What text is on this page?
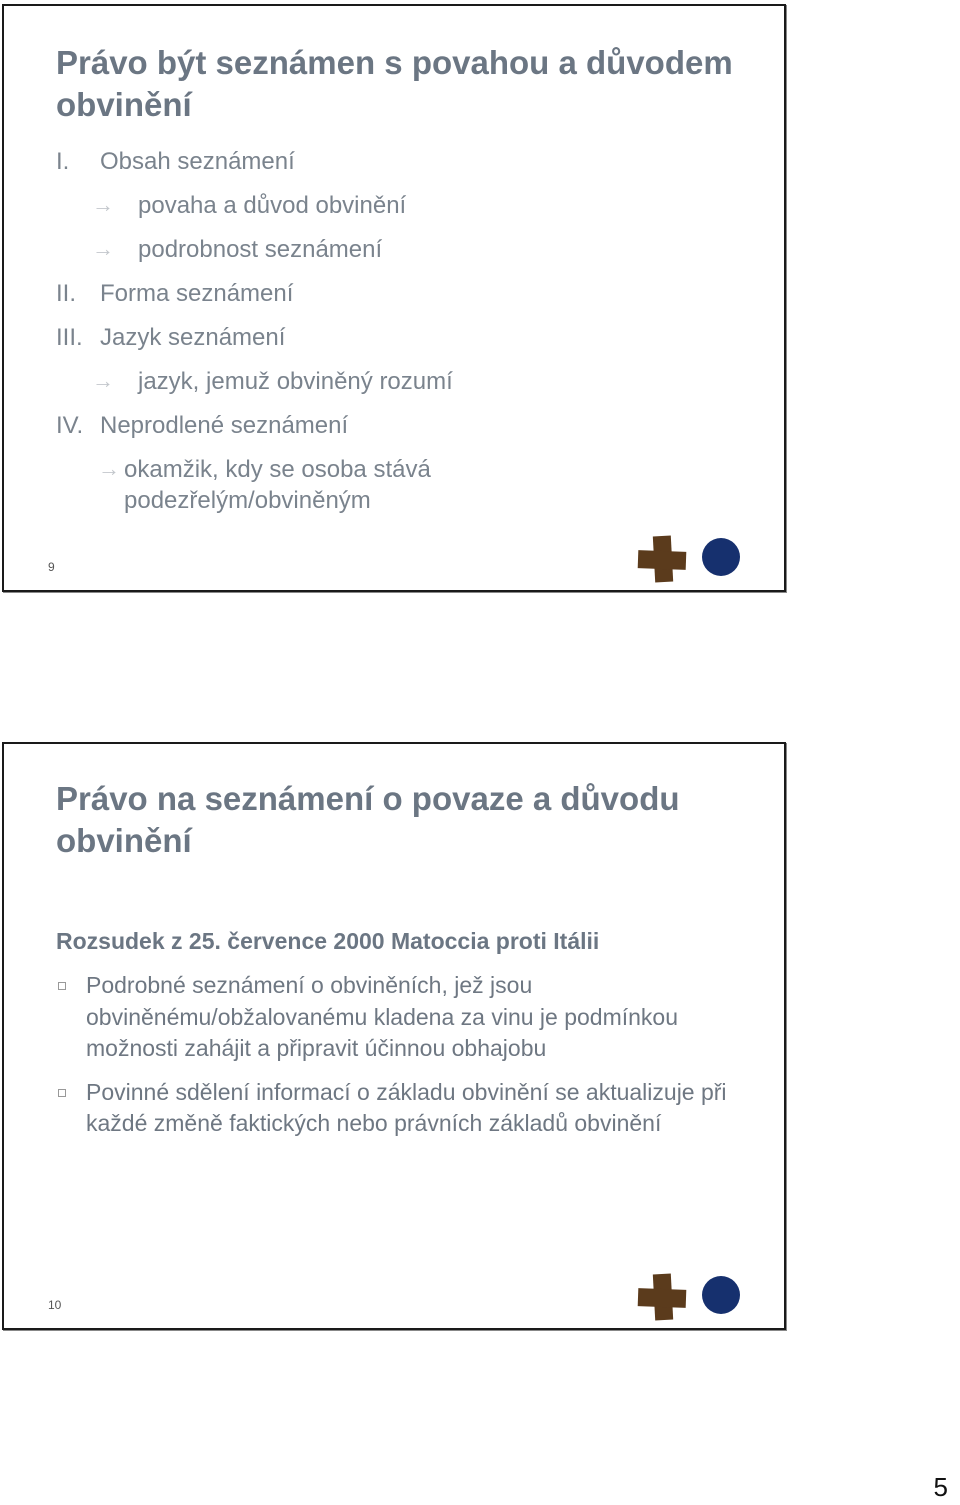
Právo být seznámen s povahou a důvodem obvinění
I. Obsah seznámení
→ povaha a důvod obvinění
→ podrobnost seznámení
II. Forma seznámení
III. Jazyk seznámení
→ jazyk, jemuž obviněný rozumí
IV. Neprodlené seznámení
→ okamžik, kdy se osoba stává
podezřelým/obviněným
9
Právo na seznámení o povaze a důvodu obvinění
Rozsudek z 25. července 2000 Matoccia proti Itálii
Podrobné seznámení o obviněních, jež jsou obviněnému/obžalovanému kladena za vinu je podmínkou možnosti zahájit a připravit účinnou obhajobu
Povinné sdělení informací o základu obvinění se aktualizuje při každé změně faktických nebo právních základů obvinění
10
5
